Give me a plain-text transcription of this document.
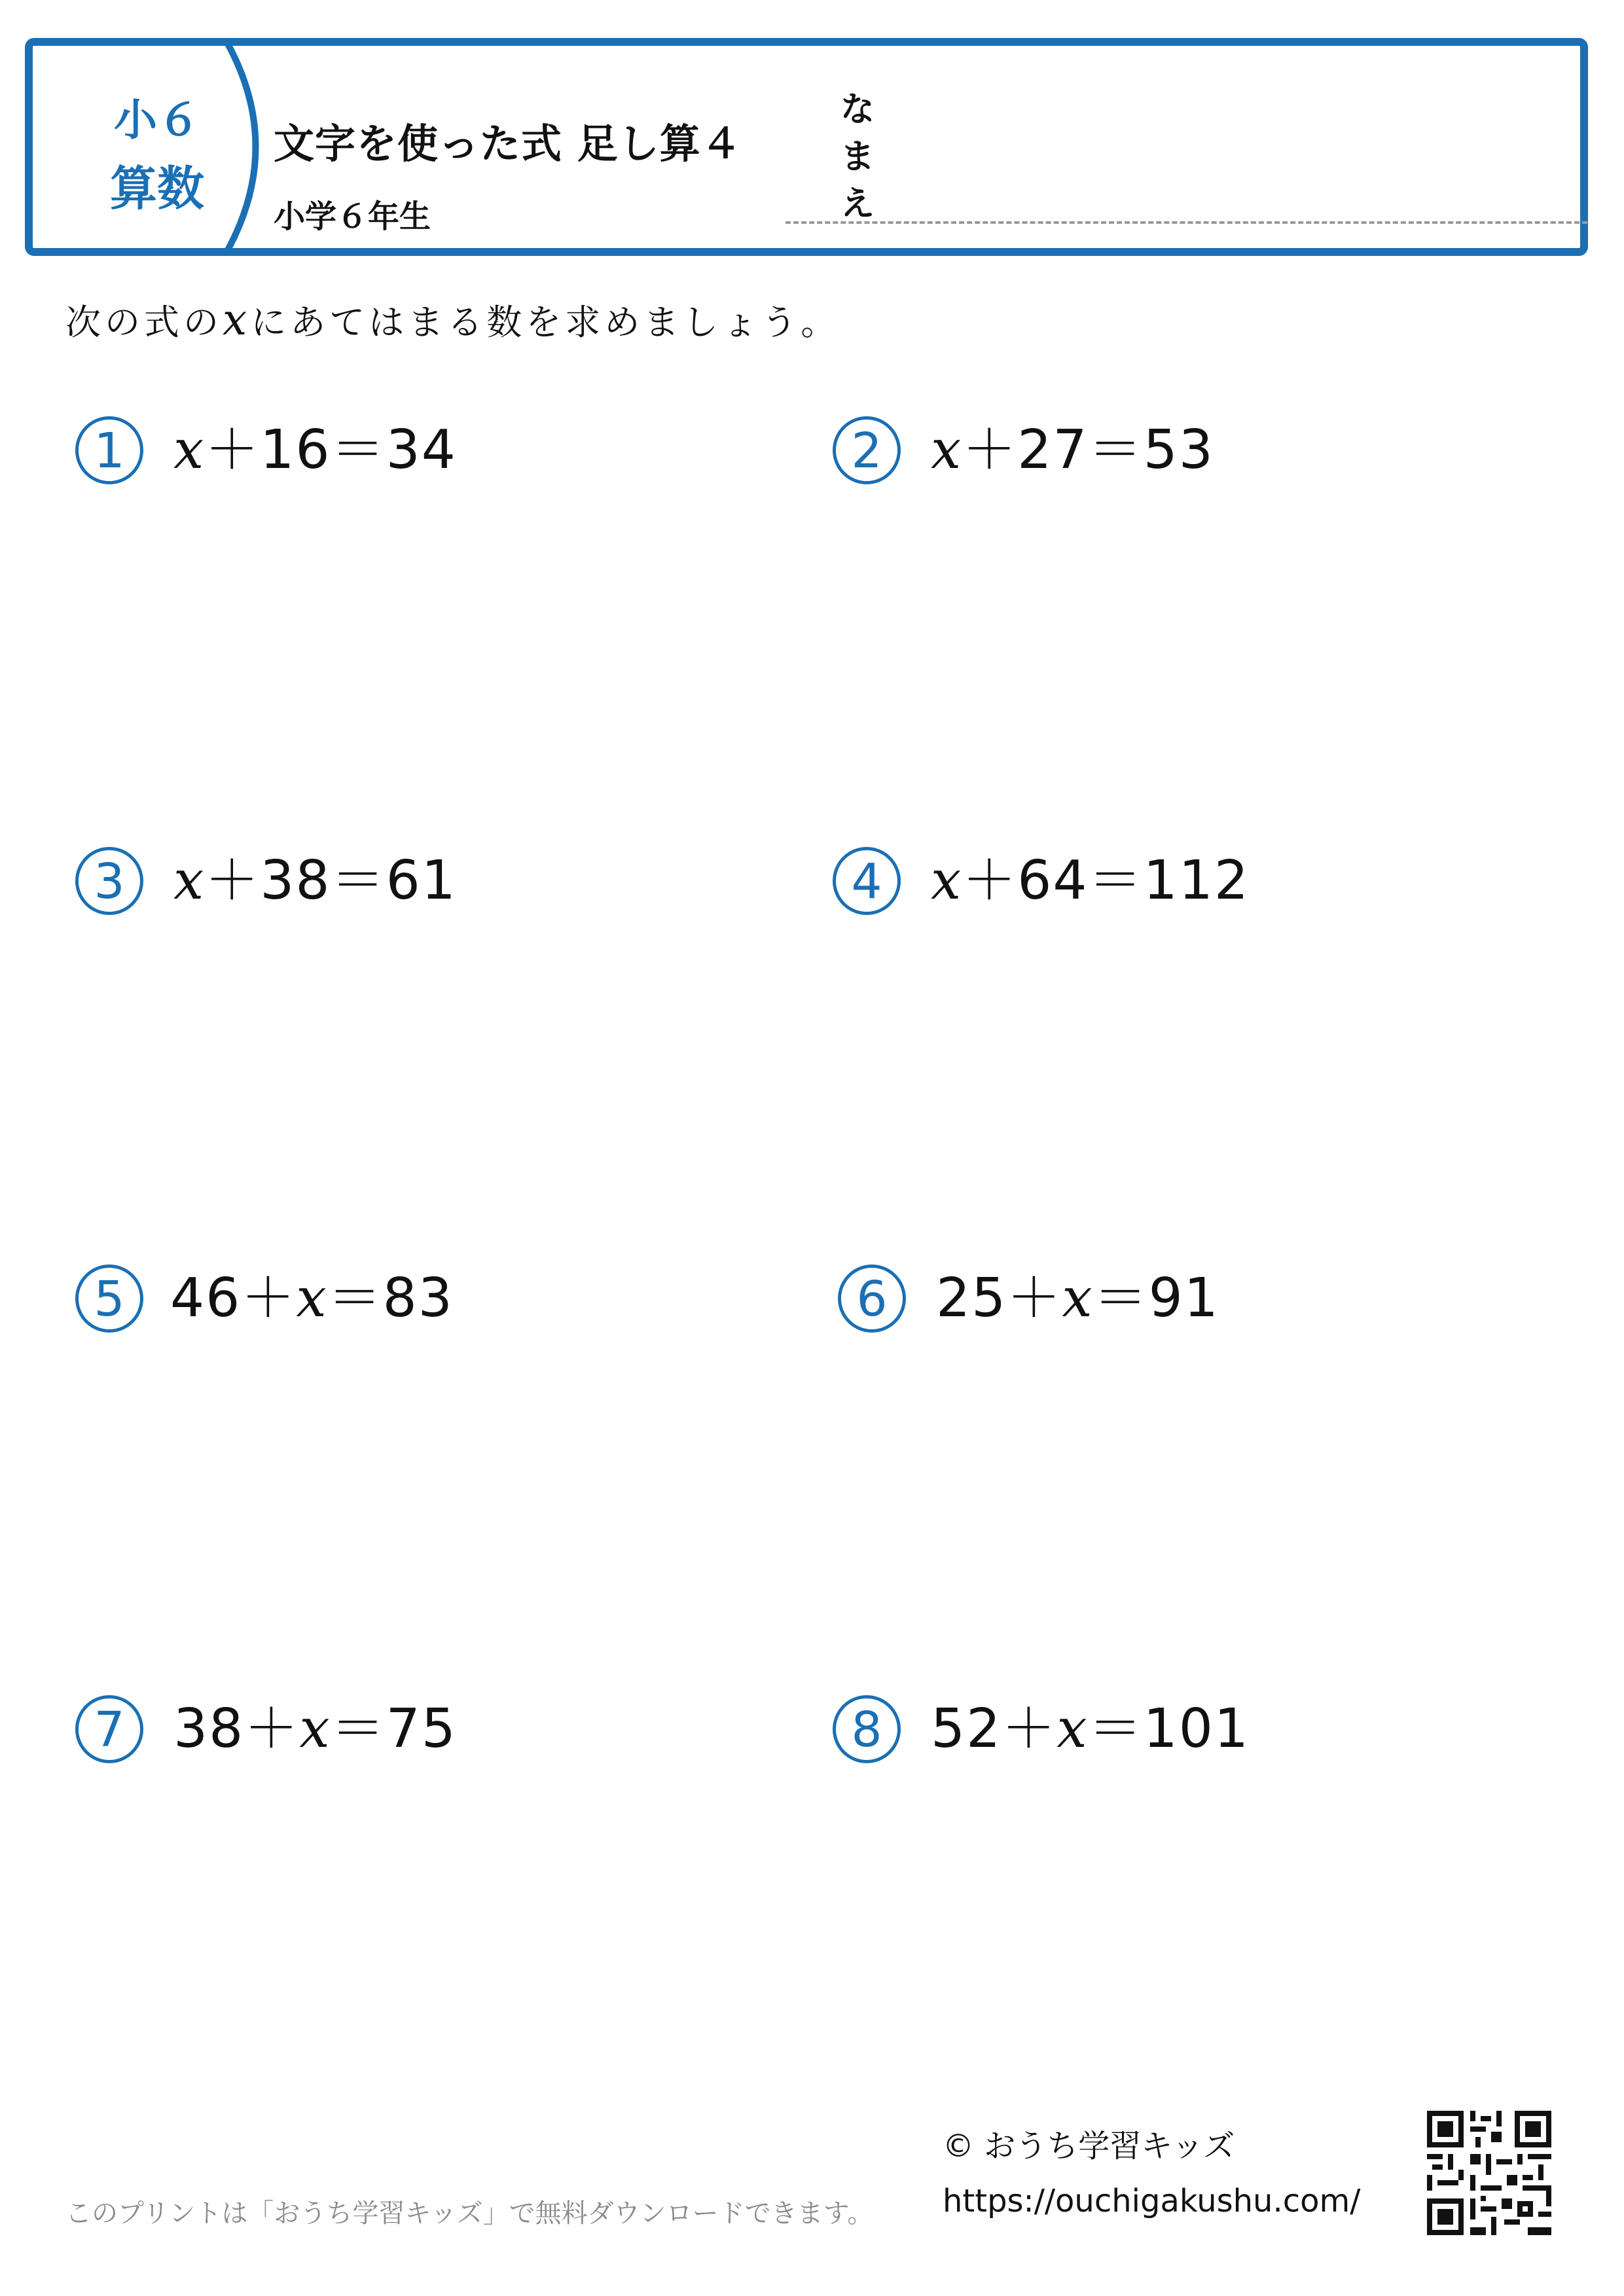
小６
算数
文字を使った式 足し算４
小学６年生
な
ま
え
次の式のxにあてはまる数を求めましょう。
1 x＋16＝34	2 x＋27＝53
3 x＋38＝61	4 x＋64＝112
5 46＋x＝83	6 25＋x＝91
7 38＋x＝75	8 52＋x＝101
このプリントは「おうち学習キッズ」で無料ダウンロードできます。
© おうち学習キッズ
https://ouchigakushu.com/
